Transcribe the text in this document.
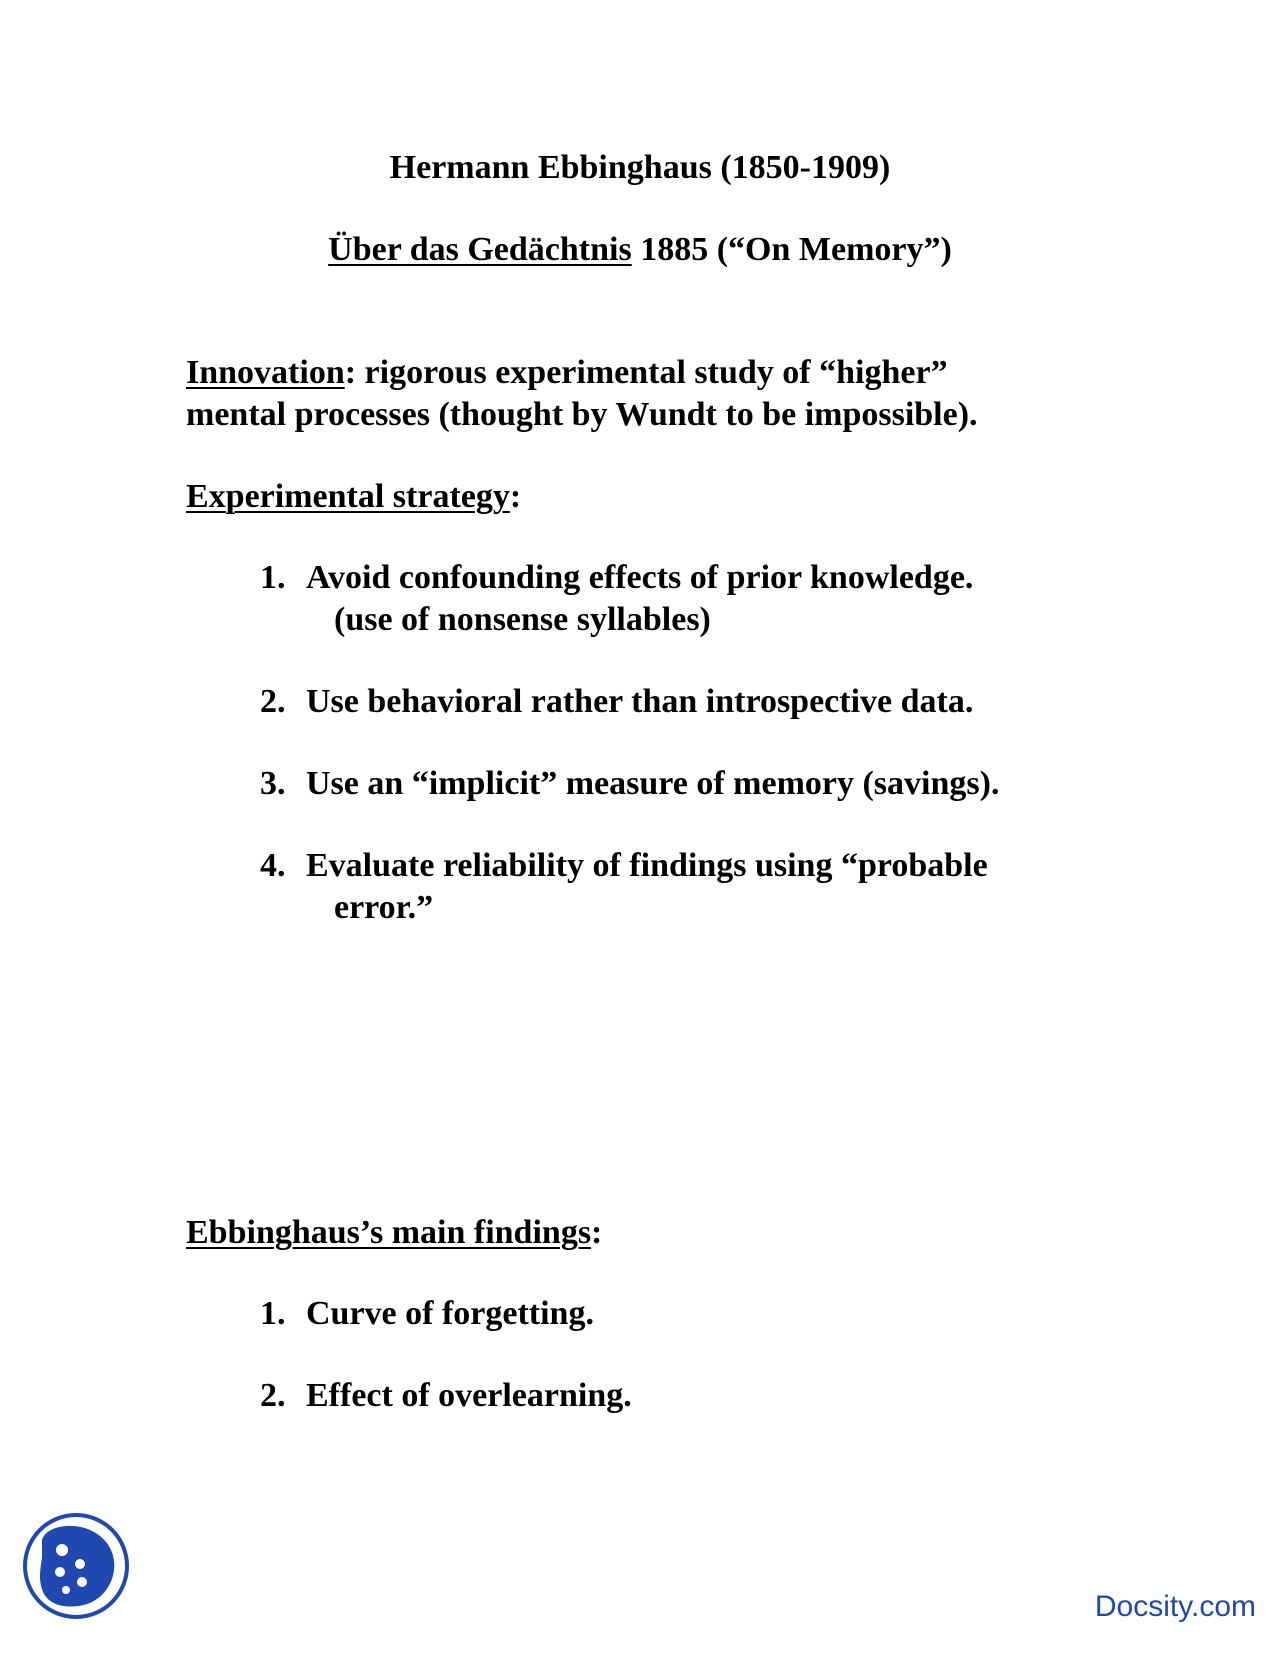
Hermann Ebbinghaus (1850-1909)
Über das Gedächtnis 1885 (“On Memory”)
Innovation: rigorous experimental study of “higher”
mental processes (thought by Wundt to be impossible).
Experimental strategy:
1. Avoid confounding effects of prior knowledge.
(use of nonsense syllables)
2. Use behavioral rather than introspective data.
3. Use an “implicit” measure of memory (savings).
4. Evaluate reliability of findings using “probable
error.”
Ebbinghaus’s main findings:
1. Curve of forgetting.
2. Effect of overlearning.
Docsity.com
